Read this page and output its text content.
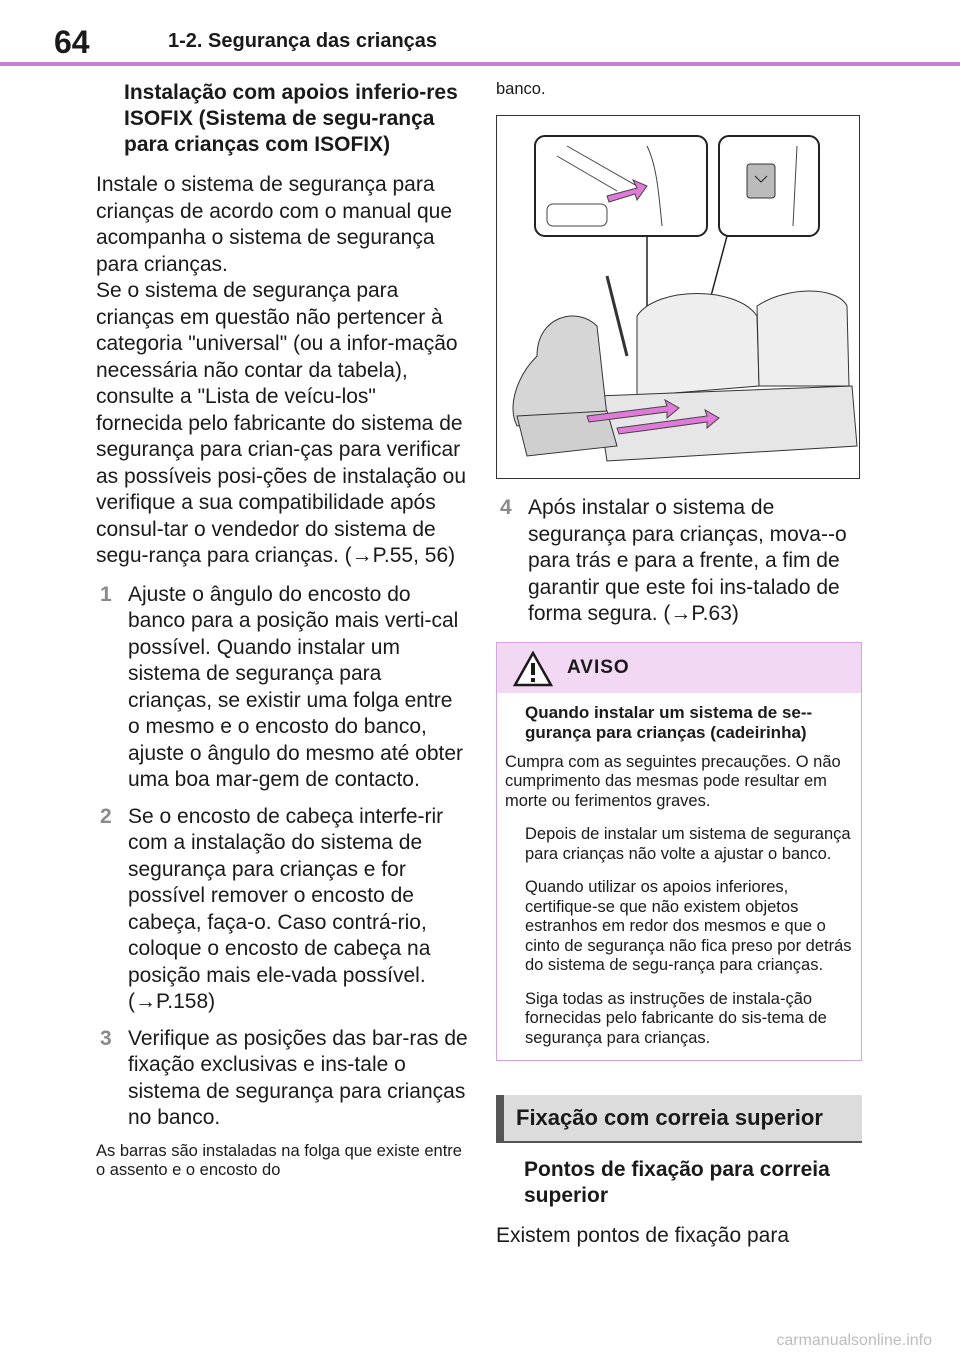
64	1-2. Segurança das crianças

Instalação com apoios inferio-res ISOFIX (Sistema de segu-rança para crianças com ISOFIX)

Instale o sistema de segurança para crianças de acordo com o manual que acompanha o sistema de segurança para crianças.

Se o sistema de segurança para crianças em questão não pertencer à categoria "universal" (ou a infor-mação necessária não contar da tabela), consulte a "Lista de veícu-los" fornecida pelo fabricante do sistema de segurança para crian-ças para verificar as possíveis posi-ções de instalação ou verifique a sua compatibilidade após consul-tar o vendedor do sistema de segu-rança para crianças. (→P.55, 56)

1 Ajuste o ângulo do encosto do banco para a posição mais verti-cal possível. Quando instalar um sistema de segurança para crianças, se existir uma folga entre o mesmo e o encosto do banco, ajuste o ângulo do mesmo até obter uma boa mar-gem de contacto.
2 Se o encosto de cabeça interfe-rir com a instalação do sistema de segurança para crianças e for possível remover o encosto de cabeça, faça-o. Caso contrá-rio, coloque o encosto de cabeça na posição mais ele-vada possível. (→P.158)
3 Verifique as posições das bar-ras de fixação exclusivas e ins-tale o sistema de segurança para crianças no banco.

As barras são instaladas na folga que existe entre o assento e o encosto do

banco.

4 Após instalar o sistema de segurança para crianças, mova--o para trás e para a frente, a fim de garantir que este foi ins-talado de forma segura. (→P.63)
AVISO

Quando instalar um sistema de se--gurança para crianças (cadeirinha)

Cumpra com as seguintes precauções. O não cumprimento das mesmas pode resultar em morte ou ferimentos graves.

Depois de instalar um sistema de segurança para crianças não volte a ajustar o banco.

Quando utilizar os apoios inferiores, certifique-se que não existem objetos estranhos em redor dos mesmos e que o cinto de segurança não fica preso por detrás do sistema de segu-rança para crianças.

Siga todas as instruções de instala-ção fornecidas pelo fabricante do sis-tema de segurança para crianças.

Fixação com correia superior

Pontos de fixação para correia superior

Existem pontos de fixação para

carmanualsonline.info
